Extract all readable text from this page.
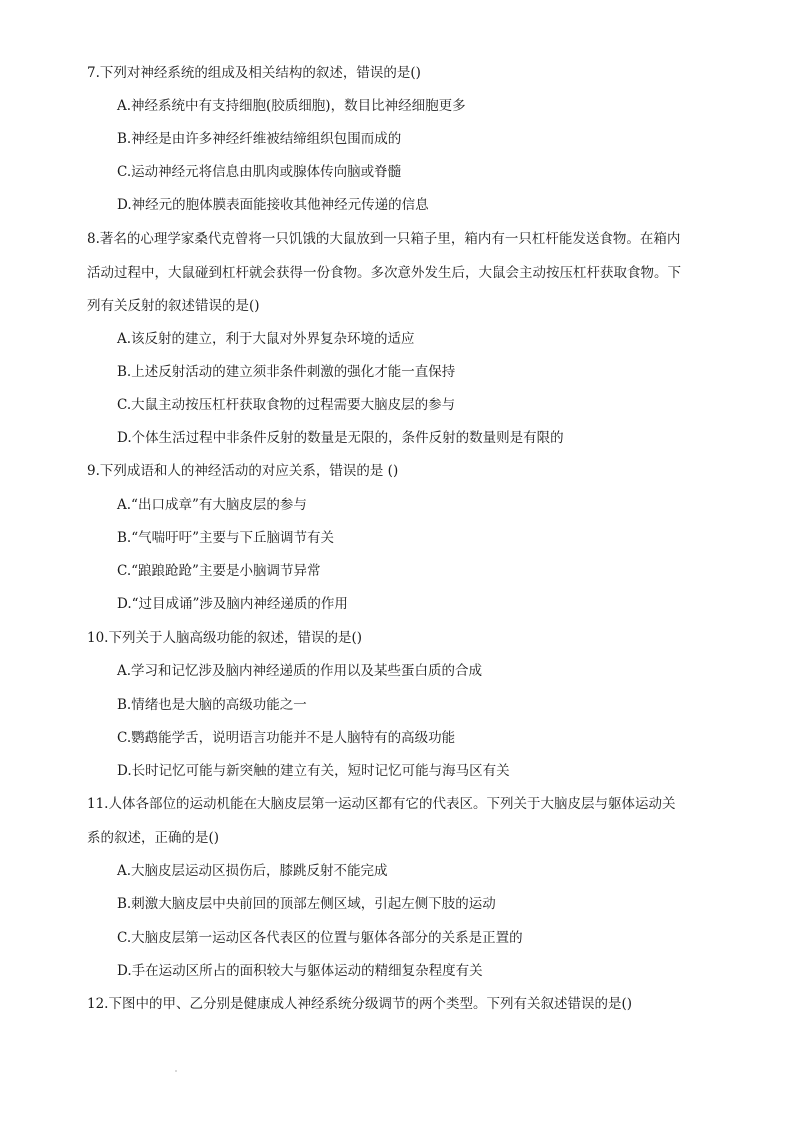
7.下列对神经系统的组成及相关结构的叙述，错误的是()
A.神经系统中有支持细胞(胶质细胞)，数目比神经细胞更多
B.神经是由许多神经纤维被结缔组织包围而成的
C.运动神经元将信息由肌肉或腺体传向脑或脊髓
D.神经元的胞体膜表面能接收其他神经元传递的信息
8.著名的心理学家桑代克曾将一只饥饿的大鼠放到一只箱子里，箱内有一只杠杆能发送食物。在箱内
活动过程中，大鼠碰到杠杆就会获得一份食物。多次意外发生后，大鼠会主动按压杠杆获取食物。下
列有关反射的叙述错误的是()
A.该反射的建立，利于大鼠对外界复杂环境的适应
B.上述反射活动的建立须非条件刺激的强化才能一直保持
C.大鼠主动按压杠杆获取食物的过程需要大脑皮层的参与
D.个体生活过程中非条件反射的数量是无限的，条件反射的数量则是有限的
9.下列成语和人的神经活动的对应关系，错误的是 ()
A.“出口成章”有大脑皮层的参与
B.“气喘吁吁”主要与下丘脑调节有关
C.“踉踉跄跄”主要是小脑调节异常
D.“过目成诵”涉及脑内神经递质的作用
10.下列关于人脑高级功能的叙述，错误的是()
A.学习和记忆涉及脑内神经递质的作用以及某些蛋白质的合成
B.情绪也是大脑的高级功能之一
C.鹦鹉能学舌，说明语言功能并不是人脑特有的高级功能
D.长时记忆可能与新突触的建立有关，短时记忆可能与海马区有关
11.人体各部位的运动机能在大脑皮层第一运动区都有它的代表区。下列关于大脑皮层与躯体运动关
系的叙述，正确的是()
A.大脑皮层运动区损伤后，膝跳反射不能完成
B.刺激大脑皮层中央前回的顶部左侧区域，引起左侧下肢的运动
C.大脑皮层第一运动区各代表区的位置与躯体各部分的关系是正置的
D.手在运动区所占的面积较大与躯体运动的精细复杂程度有关
12.下图中的甲、乙分别是健康成人神经系统分级调节的两个类型。下列有关叙述错误的是()
